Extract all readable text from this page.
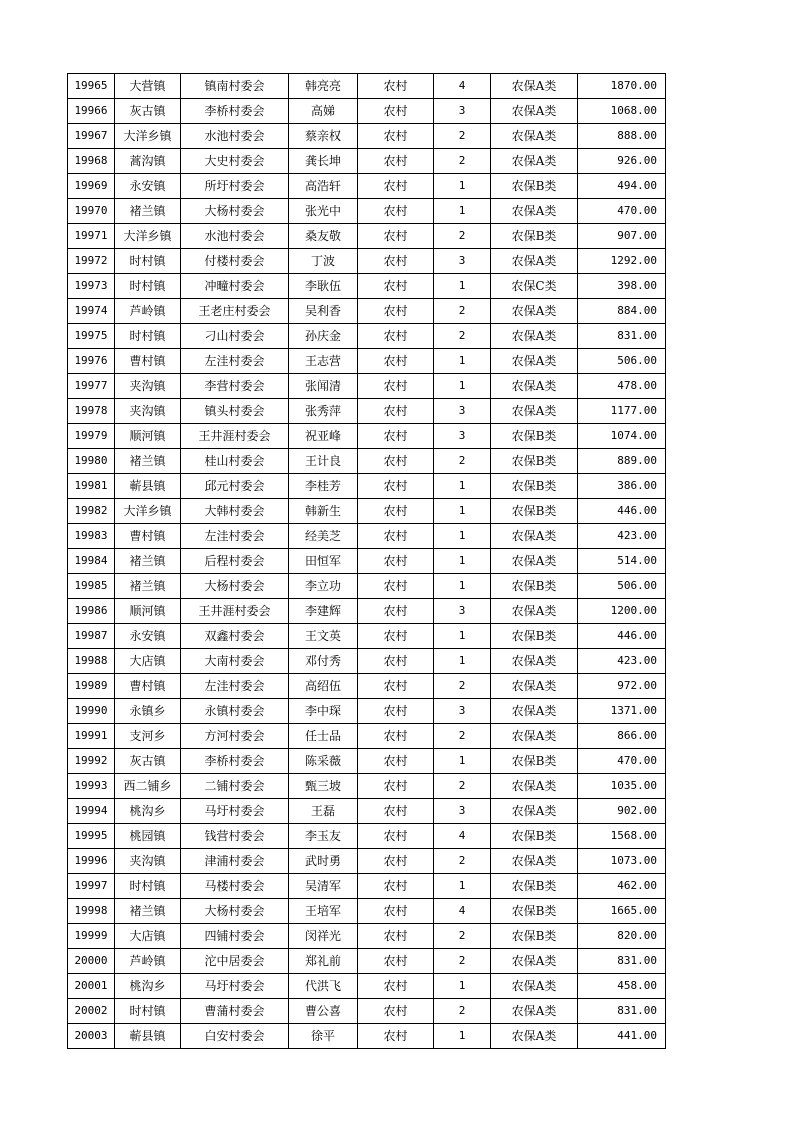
19965	大营镇	镇南村委会	韩亮亮	农村	4	农保A类	1870.00
19966	灰古镇	李桥村委会	高娣	农村	3	农保A类	1068.00
19967	大洋乡镇	水池村委会	蔡亲权	农村	2	农保A类	888.00
19968	蒿沟镇	大史村委会	龚长坤	农村	2	农保A类	926.00
19969	永安镇	所圩村委会	高浩轩	农村	1	农保B类	494.00
19970	褚兰镇	大杨村委会	张光中	农村	1	农保A类	470.00
19971	大洋乡镇	水池村委会	桑友敬	农村	2	农保B类	907.00
19972	时村镇	付楼村委会	丁波	农村	3	农保A类	1292.00
19973	时村镇	冲疃村委会	李耿伍	农村	1	农保C类	398.00
19974	芦岭镇	王老庄村委会	吴利香	农村	2	农保A类	884.00
19975	时村镇	刁山村委会	孙庆金	农村	2	农保A类	831.00
19976	曹村镇	左洼村委会	王志营	农村	1	农保A类	506.00
19977	夹沟镇	李营村委会	张闻清	农村	1	农保A类	478.00
19978	夹沟镇	镇头村委会	张秀萍	农村	3	农保A类	1177.00
19979	顺河镇	王井涯村委会	祝亚峰	农村	3	农保B类	1074.00
19980	褚兰镇	桂山村委会	王计良	农村	2	农保B类	889.00
19981	蕲县镇	邱元村委会	李桂芳	农村	1	农保B类	386.00
19982	大洋乡镇	大韩村委会	韩新生	农村	1	农保B类	446.00
19983	曹村镇	左洼村委会	经美芝	农村	1	农保A类	423.00
19984	褚兰镇	后程村委会	田恒军	农村	1	农保A类	514.00
19985	褚兰镇	大杨村委会	李立功	农村	1	农保B类	506.00
19986	顺河镇	王井涯村委会	李建辉	农村	3	农保A类	1200.00
19987	永安镇	双鑫村委会	王文英	农村	1	农保B类	446.00
19988	大店镇	大南村委会	邓付秀	农村	1	农保A类	423.00
19989	曹村镇	左洼村委会	高绍伍	农村	2	农保A类	972.00
19990	永镇乡	永镇村委会	李中琛	农村	3	农保A类	1371.00
19991	支河乡	方河村委会	任士品	农村	2	农保A类	866.00
19992	灰古镇	李桥村委会	陈采薇	农村	1	农保B类	470.00
19993	西二铺乡	二铺村委会	甄三坡	农村	2	农保A类	1035.00
19994	桃沟乡	马圩村委会	王磊	农村	3	农保A类	902.00
19995	桃园镇	钱营村委会	李玉友	农村	4	农保B类	1568.00
19996	夹沟镇	津浦村委会	武时勇	农村	2	农保A类	1073.00
19997	时村镇	马楼村委会	吴清军	农村	1	农保B类	462.00
19998	褚兰镇	大杨村委会	王培军	农村	4	农保B类	1665.00
19999	大店镇	四铺村委会	闵祥光	农村	2	农保B类	820.00
20000	芦岭镇	沱中居委会	郑礼前	农村	2	农保A类	831.00
20001	桃沟乡	马圩村委会	代洪飞	农村	1	农保A类	458.00
20002	时村镇	曹蒲村委会	曹公喜	农村	2	农保A类	831.00
20003	蕲县镇	白安村委会	徐平	农村	1	农保A类	441.00
